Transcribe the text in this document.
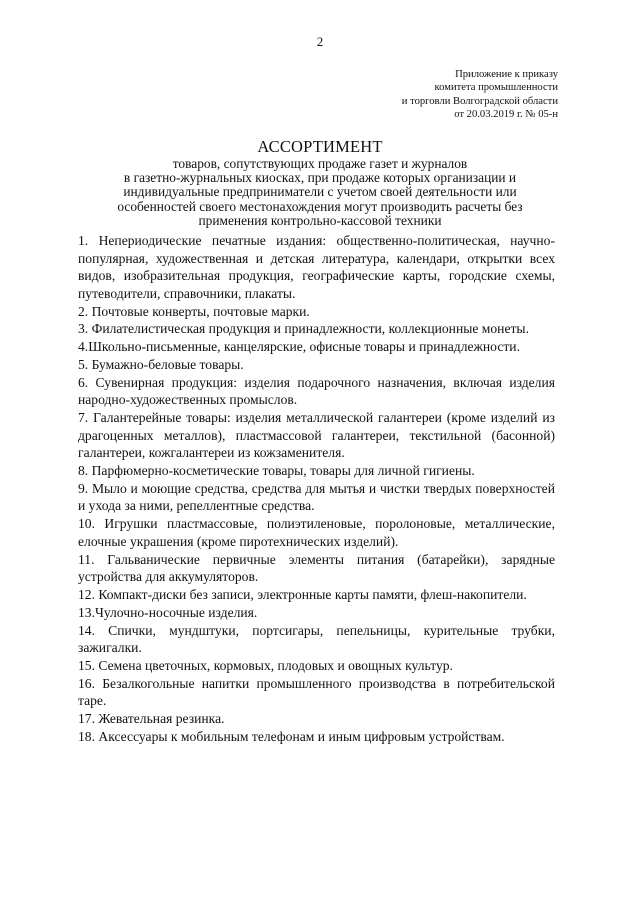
2
Приложение к приказу
комитета промышленности
и торговли Волгоградской области
от 20.03.2019 г. № 05-н
АССОРТИМЕНТ
товаров, сопутствующих продаже газет и журналов
в газетно-журнальных киосках, при продаже которых организации и
индивидуальные предприниматели с учетом своей деятельности или
особенностей своего местонахождения могут производить расчеты без
применения контрольно-кассовой техники
1. Непериодические печатные издания: общественно-политическая, научно-популярная, художественная и детская литература, календари, открытки всех видов, изобразительная продукция, географические карты, городские схемы, путеводители, справочники, плакаты.
2. Почтовые конверты, почтовые марки.
3. Филателистическая продукция и принадлежности, коллекционные монеты.
4.Школьно-письменные, канцелярские, офисные товары и принадлежности.
5. Бумажно-беловые товары.
6. Сувенирная продукция: изделия подарочного назначения, включая изделия народно-художественных промыслов.
7. Галантерейные товары: изделия металлической галантереи (кроме изделий из драгоценных металлов), пластмассовой галантереи, текстильной (басонной) галантереи, кожгалантереи из кожзаменителя.
8. Парфюмерно-косметические товары, товары для личной гигиены.
9. Мыло и моющие средства, средства для мытья и чистки твердых поверхностей и ухода за ними, репеллентные средства.
10. Игрушки пластмассовые, полиэтиленовые, поролоновые, металлические, елочные украшения (кроме пиротехнических изделий).
11. Гальванические первичные элементы питания (батарейки), зарядные устройства для аккумуляторов.
12. Компакт-диски без записи, электронные карты памяти, флеш-накопители.
13.Чулочно-носочные изделия.
14. Спички, мундштуки, портсигары, пепельницы, курительные трубки, зажигалки.
15. Семена цветочных, кормовых, плодовых и овощных культур.
16. Безалкогольные напитки промышленного производства в потребительской таре.
17. Жевательная резинка.
18. Аксессуары к мобильным телефонам и иным цифровым устройствам.
